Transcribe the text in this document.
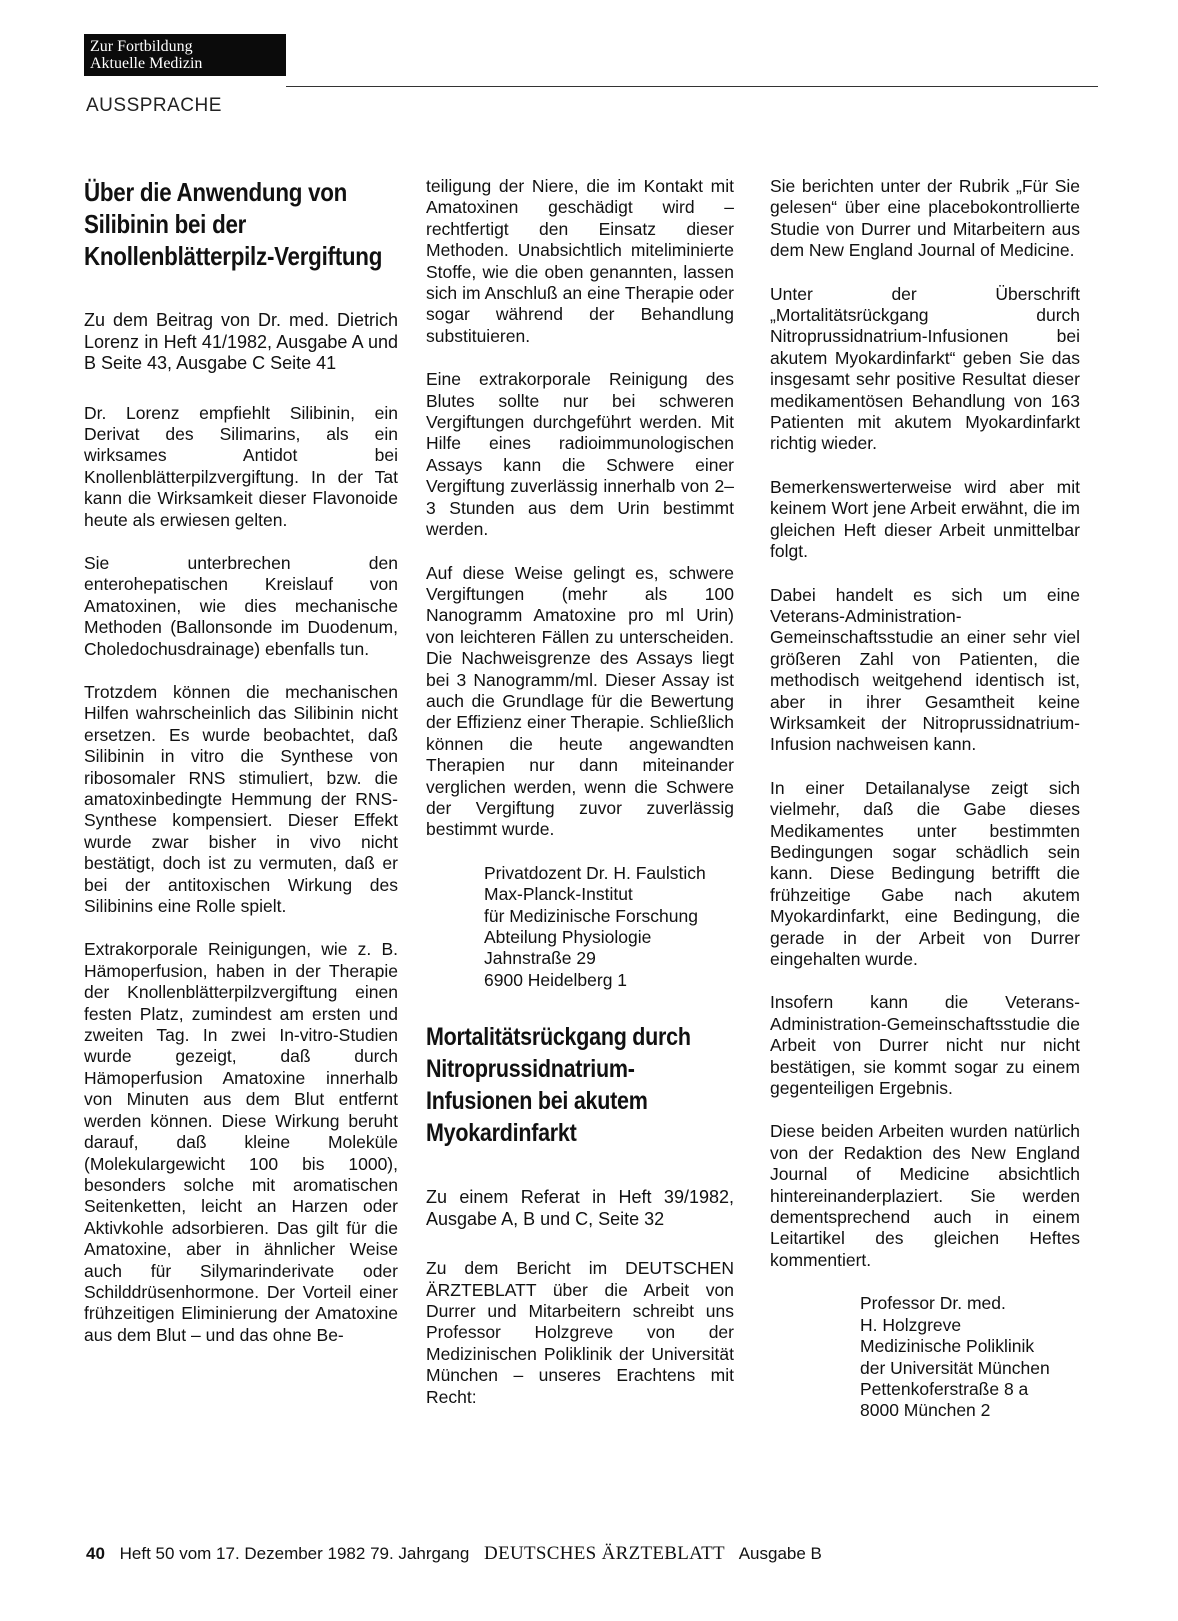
Zur Fortbildung
Aktuelle Medizin
AUSSPRACHE
Über die Anwendung von Silibinin bei der Knollenblätterpilz-Vergiftung

Zu dem Beitrag von Dr. med. Dietrich Lorenz in Heft 41/1982, Ausgabe A und B Seite 43, Ausgabe C Seite 41

Dr. Lorenz empfiehlt Silibinin, ein Derivat des Silimarins, als ein wirksames Antidot bei Knollenblätterpilzvergiftung. In der Tat kann die Wirksamkeit dieser Flavonoide heute als erwiesen gelten.

Sie unterbrechen den enterohepatischen Kreislauf von Amatoxinen, wie dies mechanische Methoden (Ballonsonde im Duodenum, Choledochusdrainage) ebenfalls tun.

Trotzdem können die mechanischen Hilfen wahrscheinlich das Silibinin nicht ersetzen. Es wurde beobachtet, daß Silibinin in vitro die Synthese von ribosomaler RNS stimuliert, bzw. die amatoxinbedingte Hemmung der RNS-Synthese kompensiert. Dieser Effekt wurde zwar bisher in vivo nicht bestätigt, doch ist zu vermuten, daß er bei der antitoxischen Wirkung des Silibinins eine Rolle spielt.

Extrakorporale Reinigungen, wie z. B. Hämoperfusion, haben in der Therapie der Knollenblätterpilzvergiftung einen festen Platz, zumindest am ersten und zweiten Tag. In zwei In-vitro-Studien wurde gezeigt, daß durch Hämoperfusion Amatoxine innerhalb von Minuten aus dem Blut entfernt werden können. Diese Wirkung beruht darauf, daß kleine Moleküle (Molekulargewicht 100 bis 1000), besonders solche mit aromatischen Seitenketten, leicht an Harzen oder Aktivkohle adsorbieren. Das gilt für die Amatoxine, aber in ähnlicher Weise auch für Silymarinderivate oder Schilddrüsenhormone. Der Vorteil einer frühzeitigen Eliminierung der Amatoxine aus dem Blut – und das ohne Be-

teiligung der Niere, die im Kontakt mit Amatoxinen geschädigt wird – rechtfertigt den Einsatz dieser Methoden. Unabsichtlich miteliminierte Stoffe, wie die oben genannten, lassen sich im Anschluß an eine Therapie oder sogar während der Behandlung substituieren.

Eine extrakorporale Reinigung des Blutes sollte nur bei schweren Vergiftungen durchgeführt werden. Mit Hilfe eines radioimmunologischen Assays kann die Schwere einer Vergiftung zuverlässig innerhalb von 2–3 Stunden aus dem Urin bestimmt werden.

Auf diese Weise gelingt es, schwere Vergiftungen (mehr als 100 Nanogramm Amatoxine pro ml Urin) von leichteren Fällen zu unterscheiden. Die Nachweisgrenze des Assays liegt bei 3 Nanogramm/ml. Dieser Assay ist auch die Grundlage für die Bewertung der Effizienz einer Therapie. Schließlich können die heute angewandten Therapien nur dann miteinander verglichen werden, wenn die Schwere der Vergiftung zuvor zuverlässig bestimmt wurde.

Privatdozent Dr. H. Faulstich
Max-Planck-Institut
für Medizinische Forschung
Abteilung Physiologie
Jahnstraße 29
6900 Heidelberg 1
Mortalitätsrückgang durch Nitroprussidnatrium-Infusionen bei akutem Myokardinfarkt

Zu einem Referat in Heft 39/1982, Ausgabe A, B und C, Seite 32

Zu dem Bericht im DEUTSCHEN ÄRZTEBLATT über die Arbeit von Durrer und Mitarbeitern schreibt uns Professor Holzgreve von der Medizinischen Poliklinik der Universität München – unseres Erachtens mit Recht:

Sie berichten unter der Rubrik „Für Sie gelesen“ über eine placebokontrollierte Studie von Durrer und Mitarbeitern aus dem New England Journal of Medicine.

Unter der Überschrift „Mortalitätsrückgang durch Nitroprussidnatrium-Infusionen bei akutem Myokardinfarkt“ geben Sie das insgesamt sehr positive Resultat dieser medikamentösen Behandlung von 163 Patienten mit akutem Myokardinfarkt richtig wieder.

Bemerkenswerterweise wird aber mit keinem Wort jene Arbeit erwähnt, die im gleichen Heft dieser Arbeit unmittelbar folgt.

Dabei handelt es sich um eine Veterans-Administration-Gemeinschaftsstudie an einer sehr viel größeren Zahl von Patienten, die methodisch weitgehend identisch ist, aber in ihrer Gesamtheit keine Wirksamkeit der Nitroprussidnatrium-Infusion nachweisen kann.

In einer Detailanalyse zeigt sich vielmehr, daß die Gabe dieses Medikamentes unter bestimmten Bedingungen sogar schädlich sein kann. Diese Bedingung betrifft die frühzeitige Gabe nach akutem Myokardinfarkt, eine Bedingung, die gerade in der Arbeit von Durrer eingehalten wurde.

Insofern kann die Veterans-Administration-Gemeinschaftsstudie die Arbeit von Durrer nicht nur nicht bestätigen, sie kommt sogar zu einem gegenteiligen Ergebnis.

Diese beiden Arbeiten wurden natürlich von der Redaktion des New England Journal of Medicine absichtlich hintereinanderplaziert. Sie werden dementsprechend auch in einem Leitartikel des gleichen Heftes kommentiert.

Professor Dr. med.
H. Holzgreve
Medizinische Poliklinik
der Universität München
Pettenkoferstraße 8 a
8000 München 2
40 Heft 50 vom 17. Dezember 1982 79. Jahrgang DEUTSCHES ÄRZTEBLATT Ausgabe B
